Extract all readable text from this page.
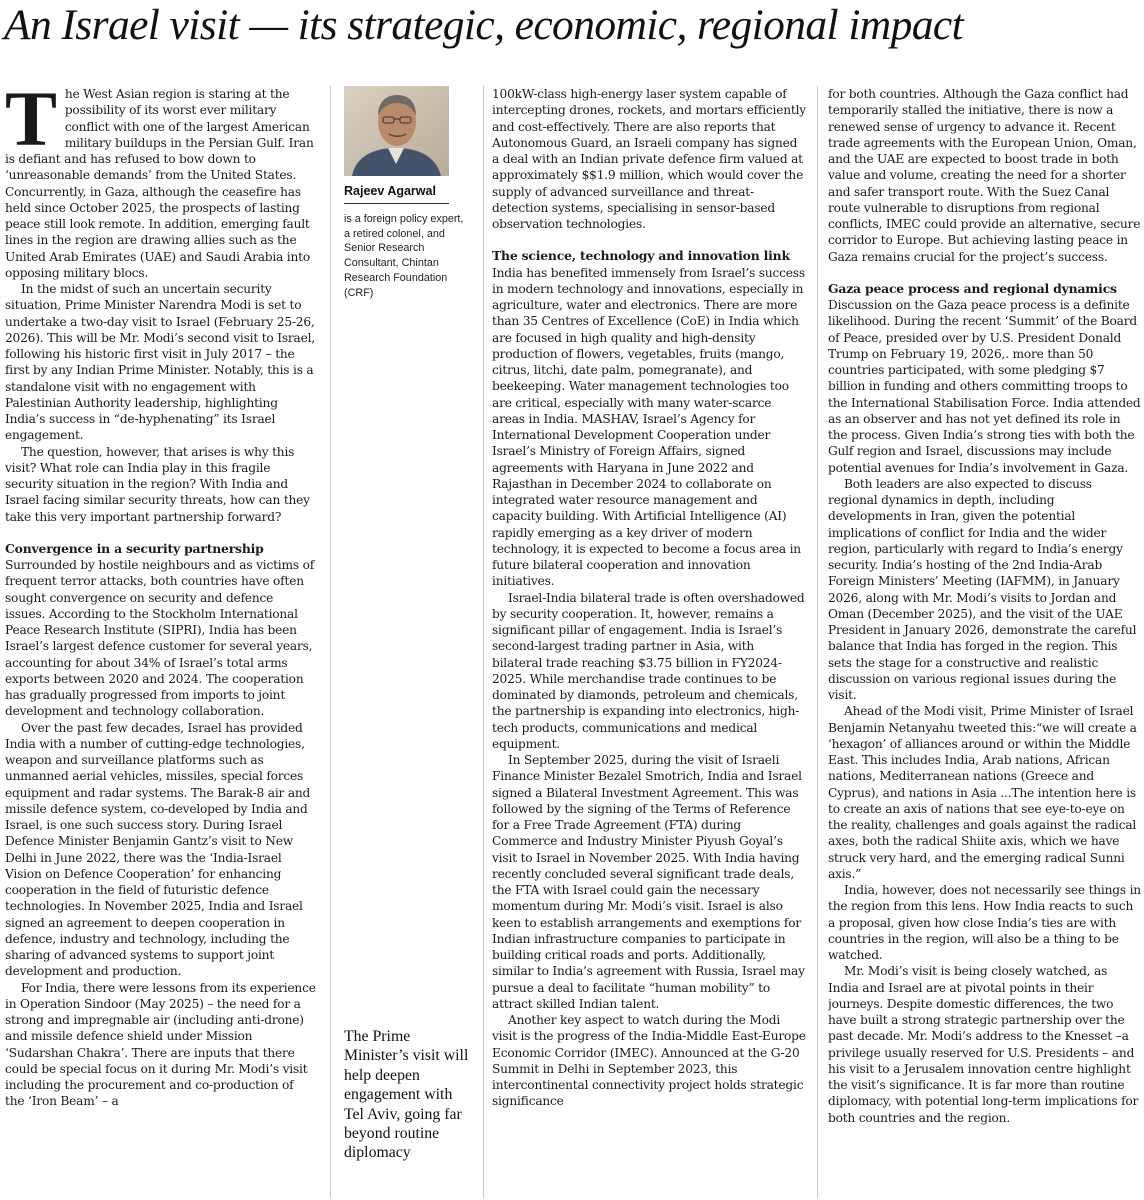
An Israel visit — its strategic, economic, regional impact

The West Asian region is staring at the possibility of its worst ever military conflict with one of the largest American military buildups in the Persian Gulf. Iran is defiant and has refused to bow down to ‘unreasonable demands’ from the United States. Concurrently, in Gaza, although the ceasefire has held since October 2025, the prospects of lasting peace still look remote. In addition, emerging fault lines in the region are drawing allies such as the United Arab Emirates (UAE) and Saudi Arabia into opposing military blocs.

In the midst of such an uncertain security situation, Prime Minister Narendra Modi is set to undertake a two-day visit to Israel (February 25-26, 2026). This will be Mr. Modi’s second visit to Israel, following his historic first visit in July 2017 – the first by any Indian Prime Minister. Notably, this is a standalone visit with no engagement with Palestinian Authority leadership, highlighting India’s success in “de-hyphenating” its Israel engagement.

The question, however, that arises is why this visit? What role can India play in this fragile security situation in the region? With India and Israel facing similar security threats, how can they take this very important partnership forward?

Convergence in a security partnership

Surrounded by hostile neighbours and as victims of frequent terror attacks, both countries have often sought convergence on security and defence issues. According to the Stockholm International Peace Research Institute (SIPRI), India has been Israel’s largest defence customer for several years, accounting for about 34% of Israel’s total arms exports between 2020 and 2024. The cooperation has gradually progressed from imports to joint development and technology collaboration.

Over the past few decades, Israel has provided India with a number of cutting-edge technologies, weapon and surveillance platforms such as unmanned aerial vehicles, missiles, special forces equipment and radar systems. The Barak-8 air and missile defence system, co-developed by India and Israel, is one such success story. During Israel Defence Minister Benjamin Gantz’s visit to New Delhi in June 2022, there was the ‘India-Israel Vision on Defence Cooperation’ for enhancing cooperation in the field of futuristic defence technologies. In November 2025, India and Israel signed an agreement to deepen cooperation in defence, industry and technology, including the sharing of advanced systems to support joint development and production.

For India, there were lessons from its experience in Operation Sindoor (May 2025) – the need for a strong and impregnable air (including anti-drone) and missile defence shield under Mission ‘Sudarshan Chakra’. There are inputs that there could be special focus on it during Mr. Modi’s visit including the procurement and co-production of the ‘Iron Beam’ – a

Rajeev Agarwal
is a foreign policy expert, a retired colonel, and Senior Research Consultant, Chintan Research Foundation (CRF)
The Prime Minister’s visit will help deepen engagement with Tel Aviv, going far beyond routine diplomacy

100kW-class high-energy laser system capable of intercepting drones, rockets, and mortars efficiently and cost-effectively. There are also reports that Autonomous Guard, an Israeli company has signed a deal with an Indian private defence firm valued at approximately $$1.9 million, which would cover the supply of advanced surveillance and threat-detection systems, specialising in sensor-based observation technologies.

The science, technology and innovation link

India has benefited immensely from Israel’s success in modern technology and innovations, especially in agriculture, water and electronics. There are more than 35 Centres of Excellence (CoE) in India which are focused in high quality and high-density production of flowers, vegetables, fruits (mango, citrus, litchi, date palm, pomegranate), and beekeeping. Water management technologies too are critical, especially with many water-scarce areas in India. MASHAV, Israel’s Agency for International Development Cooperation under Israel’s Ministry of Foreign Affairs, signed agreements with Haryana in June 2022 and Rajasthan in December 2024 to collaborate on integrated water resource management and capacity building. With Artificial Intelligence (AI) rapidly emerging as a key driver of modern technology, it is expected to become a focus area in future bilateral cooperation and innovation initiatives.

Israel-India bilateral trade is often overshadowed by security cooperation. It, however, remains a significant pillar of engagement. India is Israel’s second-largest trading partner in Asia, with bilateral trade reaching $3.75 billion in FY2024-2025. While merchandise trade continues to be dominated by diamonds, petroleum and chemicals, the partnership is expanding into electronics, high-tech products, communications and medical equipment.

In September 2025, during the visit of Israeli Finance Minister Bezalel Smotrich, India and Israel signed a Bilateral Investment Agreement. This was followed by the signing of the Terms of Reference for a Free Trade Agreement (FTA) during Commerce and Industry Minister Piyush Goyal’s visit to Israel in November 2025. With India having recently concluded several significant trade deals, the FTA with Israel could gain the necessary momentum during Mr. Modi’s visit. Israel is also keen to establish arrangements and exemptions for Indian infrastructure companies to participate in building critical roads and ports. Additionally, similar to India’s agreement with Russia, Israel may pursue a deal to facilitate “human mobility” to attract skilled Indian talent.

Another key aspect to watch during the Modi visit is the progress of the India-Middle East-Europe Economic Corridor (IMEC). Announced at the G-20 Summit in Delhi in September 2023, this intercontinental connectivity project holds strategic significance

for both countries. Although the Gaza conflict had temporarily stalled the initiative, there is now a renewed sense of urgency to advance it. Recent trade agreements with the European Union, Oman, and the UAE are expected to boost trade in both value and volume, creating the need for a shorter and safer transport route. With the Suez Canal route vulnerable to disruptions from regional conflicts, IMEC could provide an alternative, secure corridor to Europe. But achieving lasting peace in Gaza remains crucial for the project’s success.

Gaza peace process and regional dynamics

Discussion on the Gaza peace process is a definite likelihood. During the recent ‘Summit’ of the Board of Peace, presided over by U.S. President Donald Trump on February 19, 2026,. more than 50 countries participated, with some pledging $7 billion in funding and others committing troops to the International Stabilisation Force. India attended as an observer and has not yet defined its role in the process. Given India’s strong ties with both the Gulf region and Israel, discussions may include potential avenues for India’s involvement in Gaza.

Both leaders are also expected to discuss regional dynamics in depth, including developments in Iran, given the potential implications of conflict for India and the wider region, particularly with regard to India’s energy security. India’s hosting of the 2nd India-Arab Foreign Ministers’ Meeting (IAFMM), in January 2026, along with Mr. Modi’s visits to Jordan and Oman (December 2025), and the visit of the UAE President in January 2026, demonstrate the careful balance that India has forged in the region. This sets the stage for a constructive and realistic discussion on various regional issues during the visit.

Ahead of the Modi visit, Prime Minister of Israel Benjamin Netanyahu tweeted this:“we will create a ‘hexagon’ of alliances around or within the Middle East. This includes India, Arab nations, African nations, Mediterranean nations (Greece and Cyprus), and nations in Asia ...The intention here is to create an axis of nations that see eye-to-eye on the reality, challenges and goals against the radical axes, both the radical Shiite axis, which we have struck very hard, and the emerging radical Sunni axis.”

India, however, does not necessarily see things in the region from this lens. How India reacts to such a proposal, given how close India’s ties are with countries in the region, will also be a thing to be watched.

Mr. Modi’s visit is being closely watched, as India and Israel are at pivotal points in their journeys. Despite domestic differences, the two have built a strong strategic partnership over the past decade. Mr. Modi’s address to the Knesset –a privilege usually reserved for U.S. Presidents – and his visit to a Jerusalem innovation centre highlight the visit’s significance. It is far more than routine diplomacy, with potential long-term implications for both countries and the region.
